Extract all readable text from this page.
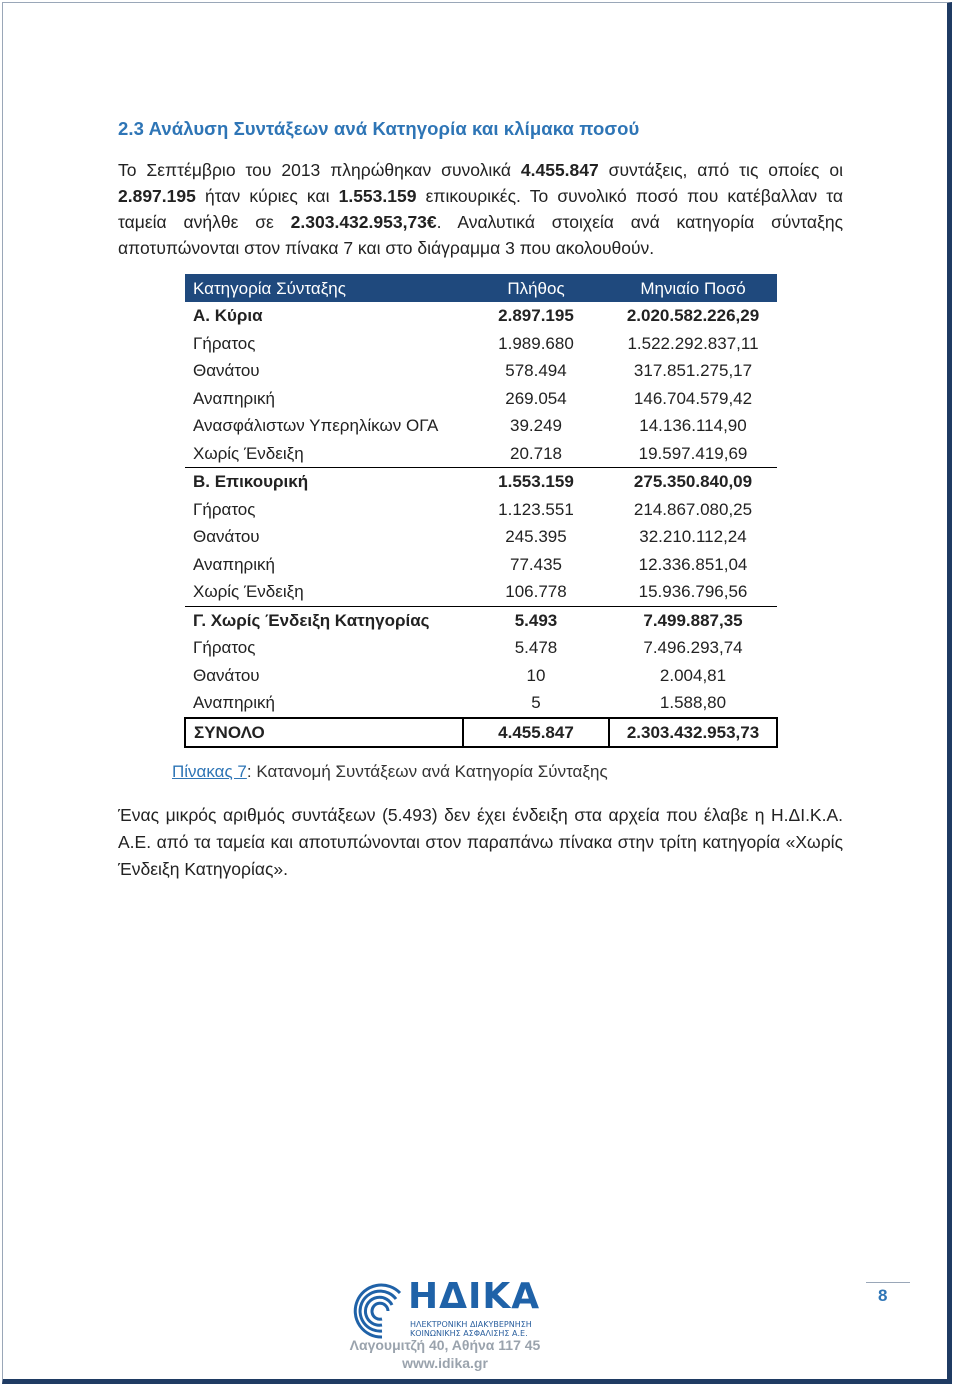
2.3 Ανάλυση Συντάξεων ανά Κατηγορία και κλίμακα ποσού
Το Σεπτέμβριο του 2013 πληρώθηκαν συνολικά 4.455.847 συντάξεις, από τις οποίες οι 2.897.195 ήταν κύριες και 1.553.159 επικουρικές. Το συνολικό ποσό που κατέβαλλαν τα ταμεία ανήλθε σε 2.303.432.953,73€. Αναλυτικά στοιχεία ανά κατηγορία σύνταξης αποτυπώνονται στον πίνακα 7 και στο διάγραμμα 3 που ακολουθούν.
Κατηγορία Σύνταξης	Πλήθος	Μηνιαίο Ποσό
Α. Κύρια	2.897.195	2.020.582.226,29
Γήρατος	1.989.680	1.522.292.837,11
Θανάτου	578.494	317.851.275,17
Αναπηρική	269.054	146.704.579,42
Ανασφάλιστων Υπερηλίκων ΟΓΑ	39.249	14.136.114,90
Χωρίς Ένδειξη	20.718	19.597.419,69
Β. Επικουρική	1.553.159	275.350.840,09
Γήρατος	1.123.551	214.867.080,25
Θανάτου	245.395	32.210.112,24
Αναπηρική	77.435	12.336.851,04
Χωρίς Ένδειξη	106.778	15.936.796,56
Γ. Χωρίς Ένδειξη Κατηγορίας	5.493	7.499.887,35
Γήρατος	5.478	7.496.293,74
Θανάτου	10	2.004,81
Αναπηρική	5	1.588,80
ΣΥΝΟΛΟ	4.455.847	2.303.432.953,73
Πίνακας 7: Κατανομή Συντάξεων ανά Κατηγορία Σύνταξης
Ένας μικρός αριθμός συντάξεων (5.493) δεν έχει ένδειξη στα αρχεία που έλαβε η Η.ΔΙ.Κ.Α. Α.Ε. από τα ταμεία και αποτυπώνονται στον παραπάνω πίνακα στην τρίτη κατηγορία «Χωρίς Ένδειξη Κατηγορίας».
ΗΔΙΚΑ
ΗΛΕΚΤΡΟΝΙΚΗ ΔΙΑΚΥΒΕΡΝΗΣΗ
ΚΟΙΝΩΝΙΚΗΣ ΑΣΦΑΛΙΣΗΣ Α.Ε.
Λαγουμιτζή 40, Αθήνα 117 45
www.idika.gr
8
